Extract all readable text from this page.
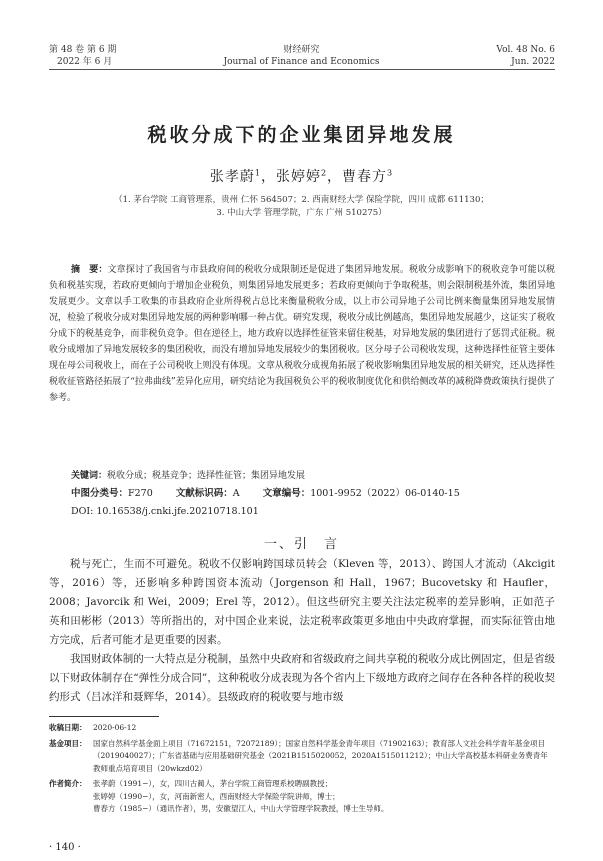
第 48 卷 第 6 期
2022 年 6 月
财经研究
Journal of Finance and Economics
Vol. 48 No. 6
Jun. 2022
税收分成下的企业集团异地发展
张孝蔚$^1$，张婷婷$^2$，曹春方$^3$
（1. 茅台学院 工商管理系，贵州 仁怀 564507；2. 西南财经大学 保险学院，四川 成都 611130；
3. 中山大学 管理学院，广东 广州 510275）
摘　要：文章探讨了我国省与市县政府间的税收分成限制还是促进了集团异地发展。税收分成影响下的税收竞争可能以税负和税基实现，若政府更倾向于增加企业税负，则集团异地发展更多；若政府更倾向于争取税基，则会限制税基外流，集团异地发展更少。文章以手工收集的市县政府企业所得税占总比来衡量税收分成，以上市公司异地子公司比例来衡量集团异地发展情况，检验了税收分成对集团异地发展的两种影响哪一种占优。研究发现，税收分成比例越高，集团异地发展越少，这证实了税收分成下的税基竞争，而非税负竞争。但在逆径上，地方政府以选择性征管来留住税基，对异地发展的集团进行了惩罚式征税。税收分成增加了异地发展较多的集团税收，而没有增加异地发展较少的集团税收。区分母子公司税收发现，这种选择性征管主要体现在母公司税收上，而在子公司税收上则没有体现。文章从税收分成视角拓展了税收影响集团异地发展的相关研究，还从选择性税收征管路径拓展了“拉弗曲线”差异化应用，研究结论为我国税负公平的税收制度优化和供给侧改革的减税降费政策执行提供了参考。
关键词：税收分成；税基竞争；选择性征管；集团异地发展
中图分类号：F270 文献标识码：A 文章编号：1001-9952（2022）06-0140-15
DOI: 10.16538/j.cnki.jfe.20210718.101
一、引　言

税与死亡，生而不可避免。税收不仅影响跨国球员转会（Kleven 等，2013）、跨国人才流动（Akcigit 等，2016）等，还影响多种跨国资本流动（Jorgenson 和 Hall，1967；Bucovetsky 和 Haufler，2008；Javorcik 和 Wei，2009；Erel 等，2012）。但这些研究主要关注法定税率的差异影响，正如范子英和田彬彬（2013）等所指出的，对中国企业来说，法定税率政策更多地由中央政府掌握，而实际征管由地方完成，后者可能才是更重要的因素。

我国财政体制的一大特点是分税制，虽然中央政府和省级政府之间共享税的税收分成比例固定，但是省级以下财政体制存在“弹性分成合同”，这种税收分成表现为各个省内上下级地方政府之间存在各种各样的税收契约形式（吕冰洋和聂辉华，2014）。县级政府的税收要与地市级

收稿日期： 2020-06-12
基金项目： 国家自然科学基金面上项目（71672151，72072189）；国家自然科学基金青年项目（71902163）；教育部人文社会科学青年基金项目（2019040027）；广东省基础与应用基础研究基金（2021B1515020052，2020A1515011212）；中山大学高校基本科研业务费青年教师重点培育项目（20wkzd02）
作者简介： 张孝蔚（1991−），女，四川古蔺人，茅台学院工商管理系校聘副教授；
张婷婷（1990−），女，河南新密人，西南财经大学保险学院讲师，博士；
曹春方（1985−）（通讯作者），男，安徽望江人，中山大学管理学院教授，博士生导师。
· 140 ·
